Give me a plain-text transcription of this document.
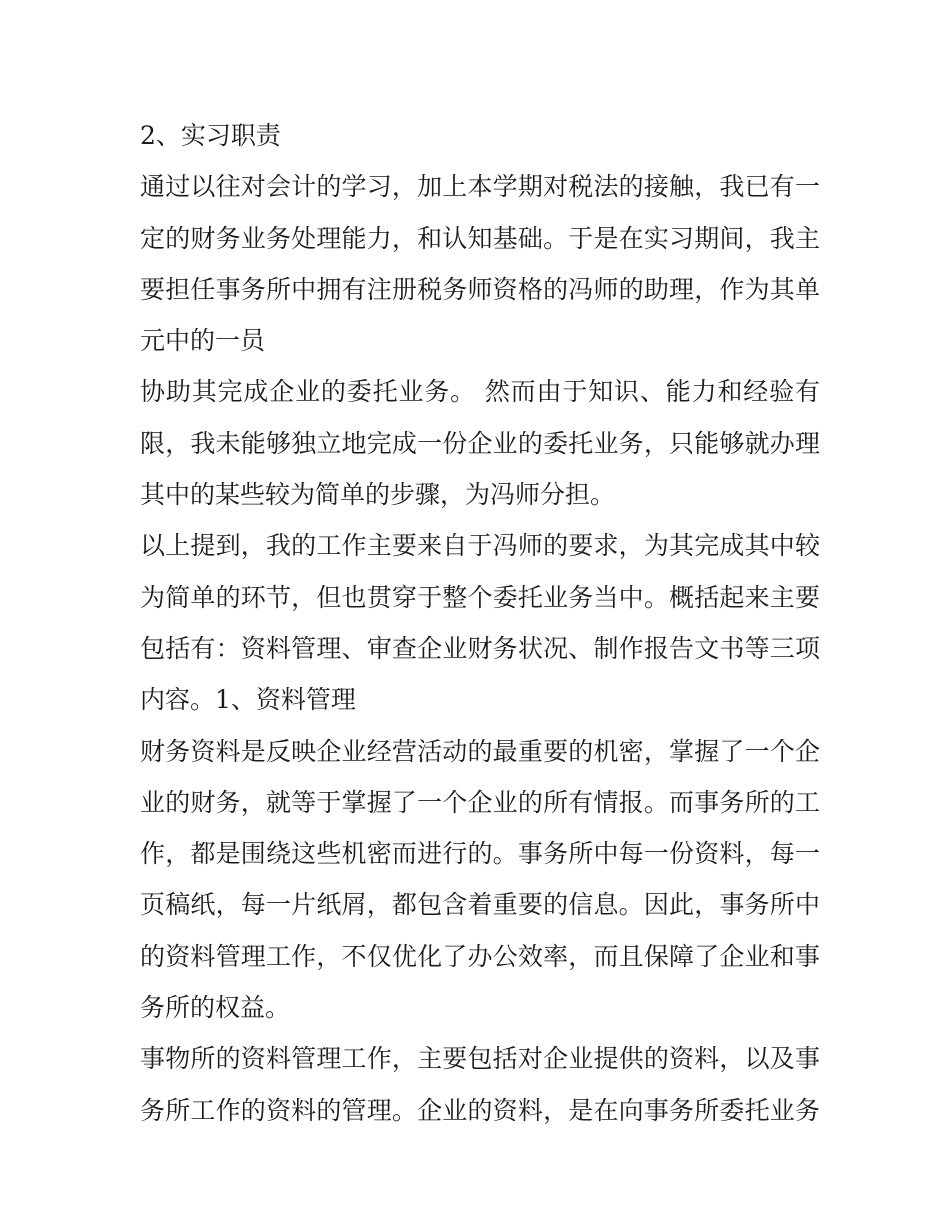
2、实习职责
通过以往对会计的学习，加上本学期对税法的接触，我已有一
定的财务业务处理能力，和认知基础。于是在实习期间，我主
要担任事务所中拥有注册税务师资格的冯师的助理，作为其单
元中的一员
协助其完成企业的委托业务。 然而由于知识、能力和经验有
限，我未能够独立地完成一份企业的委托业务，只能够就办理
其中的某些较为简单的步骤，为冯师分担。
以上提到，我的工作主要来自于冯师的要求，为其完成其中较
为简单的环节，但也贯穿于整个委托业务当中。概括起来主要
包括有：资料管理、审查企业财务状况、制作报告文书等三项
内容。1、资料管理
财务资料是反映企业经营活动的最重要的机密，掌握了一个企
业的财务，就等于掌握了一个企业的所有情报。而事务所的工
作，都是围绕这些机密而进行的。事务所中每一份资料，每一
页稿纸，每一片纸屑，都包含着重要的信息。因此，事务所中
的资料管理工作，不仅优化了办公效率，而且保障了企业和事
务所的权益。
事物所的资料管理工作，主要包括对企业提供的资料，以及事
务所工作的资料的管理。企业的资料，是在向事务所委托业务
